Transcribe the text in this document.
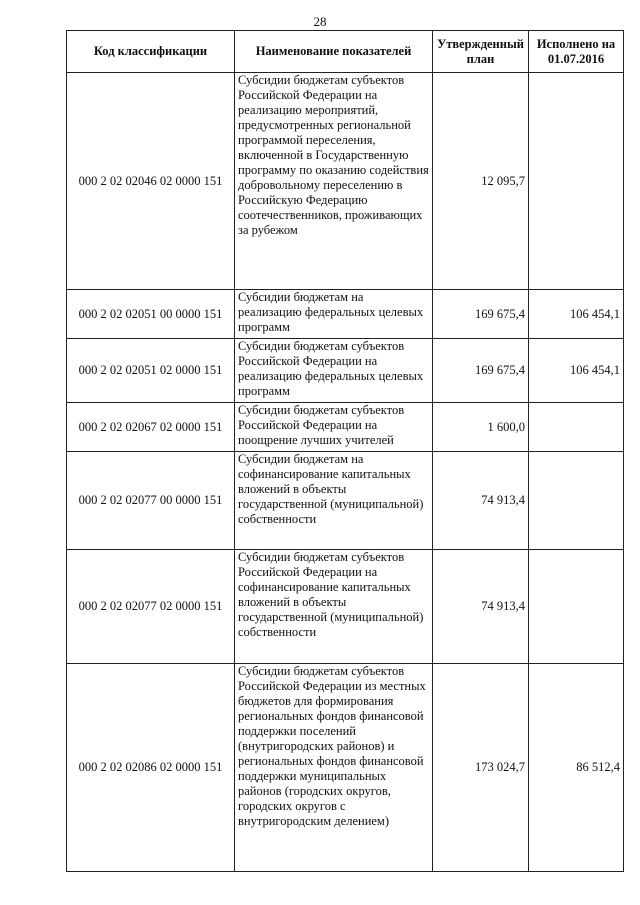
28
Код классификации	Наименование показателей	Утвержденный план	Исполнено на 01.07.2016
000 2 02 02046 02 0000 151	Субсидии бюджетам субъектов Российской Федерации на реализацию мероприятий, предусмотренных региональной программой переселения, включенной в Государственную программу по оказанию содействия добровольному переселению в Российскую Федерацию соотечественников, проживающих за рубежом	12 095,7	
000 2 02 02051 00 0000 151	Субсидии бюджетам на реализацию федеральных целевых программ	169 675,4	106 454,1
000 2 02 02051 02 0000 151	Субсидии бюджетам субъектов Российской Федерации на реализацию федеральных целевых программ	169 675,4	106 454,1
000 2 02 02067 02 0000 151	Субсидии бюджетам субъектов Российской Федерации на поощрение лучших учителей	1 600,0	
000 2 02 02077 00 0000 151	Субсидии бюджетам на софинансирование капитальных вложений в объекты государственной (муниципальной) собственности	74 913,4	
000 2 02 02077 02 0000 151	Субсидии бюджетам субъектов Российской Федерации на софинансирование капитальных вложений в объекты государственной (муниципальной) собственности	74 913,4	
000 2 02 02086 02 0000 151	Субсидии бюджетам субъектов Российской Федерации из местных бюджетов для формирования региональных фондов финансовой поддержки поселений (внутригородских районов) и региональных фондов финансовой поддержки муниципальных районов (городских округов, городских округов с внутригородским делением)	173 024,7	86 512,4
